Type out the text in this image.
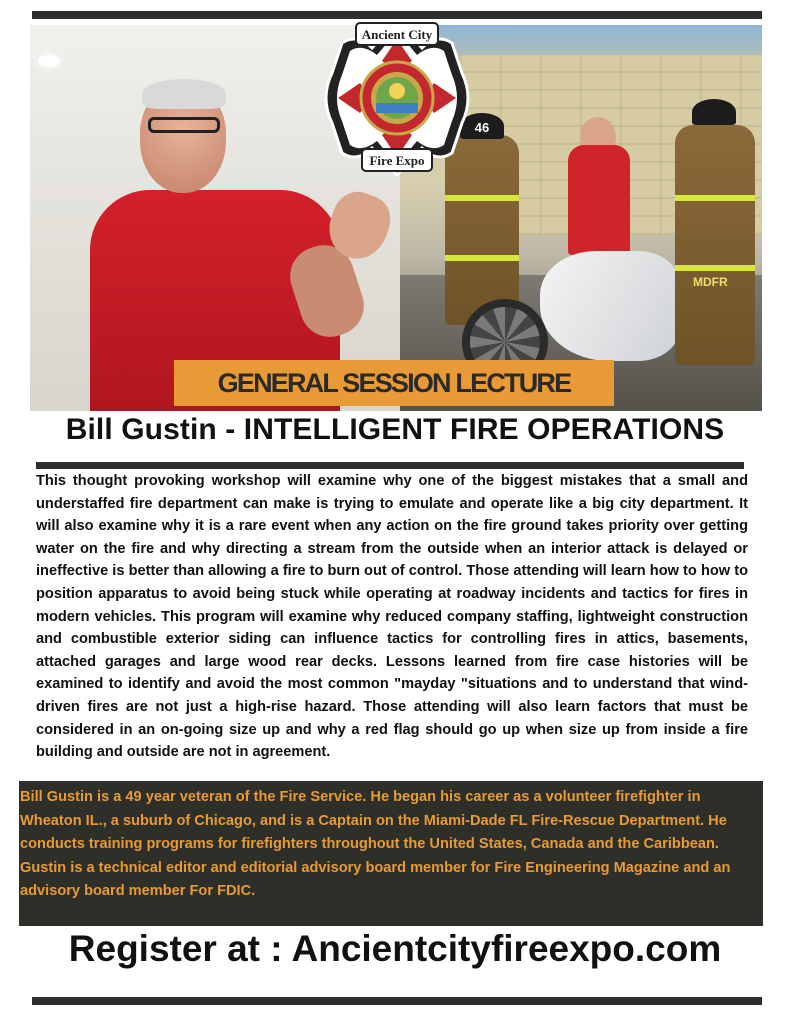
46
MDFR
Ancient City
Fire Expo
GENERAL SESSION LECTURE
Bill Gustin - INTELLIGENT FIRE OPERATIONS

This thought provoking workshop will examine why one of the biggest mistakes that a small and understaffed fire department can make is trying to emulate and operate like a big city department. It will also examine why it is a rare event when any action on the fire ground takes priority over getting water on the fire and why directing a stream from the outside when an interior attack is delayed or ineffective is better than allowing a fire to burn out of control. Those attending will learn how to how to position apparatus to avoid being stuck while operating at roadway incidents and tactics for fires in modern vehicles. This program will examine why reduced company staffing, lightweight construction and combustible exterior siding can influence tactics for controlling fires in attics, basements, attached garages and large wood rear decks. Lessons learned from fire case histories will be examined to identify and avoid the most common "mayday "situations and to understand that wind-driven fires are not just a high-rise hazard. Those attending will also learn factors that must be considered in an on-going size up and why a red flag should go up when size up from inside a fire building and outside are not in agreement.

Bill Gustin is a 49 year veteran of the Fire Service. He began his career as a volunteer firefighter in Wheaton IL., a suburb of Chicago, and is a Captain on the Miami-Dade FL Fire-Rescue Department. He conducts training programs for firefighters throughout the United States, Canada and the Caribbean. Gustin is a technical editor and editorial advisory board member for Fire Engineering Magazine and an advisory board member For FDIC.

Register at : Ancientcityfireexpo.com
